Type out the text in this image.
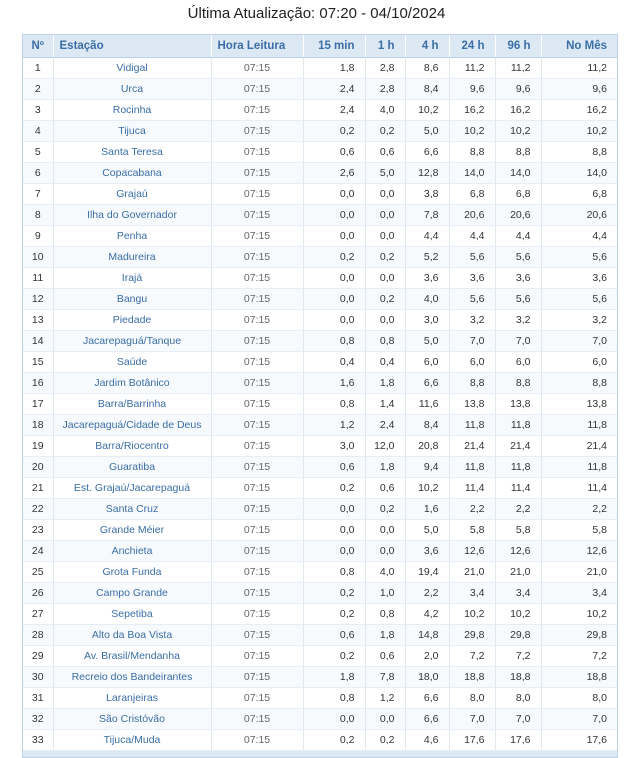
Última Atualização: 07:20 - 04/10/2024
Nº	Estação	Hora Leitura	15 min	1 h	4 h	24 h	96 h	No Mês
1	Vidigal	07:15	1,8	2,8	8,6	11,2	11,2	11,2
2	Urca	07:15	2,4	2,8	8,4	9,6	9,6	9,6
3	Rocinha	07:15	2,4	4,0	10,2	16,2	16,2	16,2
4	Tijuca	07:15	0,2	0,2	5,0	10,2	10,2	10,2
5	Santa Teresa	07:15	0,6	0,6	6,6	8,8	8,8	8,8
6	Copacabana	07:15	2,6	5,0	12,8	14,0	14,0	14,0
7	Grajaú	07:15	0,0	0,0	3,8	6,8	6,8	6,8
8	Ilha do Governador	07:15	0,0	0,0	7,8	20,6	20,6	20,6
9	Penha	07:15	0,0	0,0	4,4	4,4	4,4	4,4
10	Madureira	07:15	0,2	0,2	5,2	5,6	5,6	5,6
11	Irajá	07:15	0,0	0,0	3,6	3,6	3,6	3,6
12	Bangu	07:15	0,0	0,2	4,0	5,6	5,6	5,6
13	Piedade	07:15	0,0	0,0	3,0	3,2	3,2	3,2
14	Jacarepaguá/Tanque	07:15	0,8	0,8	5,0	7,0	7,0	7,0
15	Saúde	07:15	0,4	0,4	6,0	6,0	6,0	6,0
16	Jardim Botânico	07:15	1,6	1,8	6,6	8,8	8,8	8,8
17	Barra/Barrinha	07:15	0,8	1,4	11,6	13,8	13,8	13,8
18	Jacarepaguá/Cidade de Deus	07:15	1,2	2,4	8,4	11,8	11,8	11,8
19	Barra/Riocentro	07:15	3,0	12,0	20,8	21,4	21,4	21,4
20	Guaratiba	07:15	0,6	1,8	9,4	11,8	11,8	11,8
21	Est. Grajaú/Jacarepaguá	07:15	0,2	0,6	10,2	11,4	11,4	11,4
22	Santa Cruz	07:15	0,0	0,2	1,6	2,2	2,2	2,2
23	Grande Méier	07:15	0,0	0,0	5,0	5,8	5,8	5,8
24	Anchieta	07:15	0,0	0,0	3,6	12,6	12,6	12,6
25	Grota Funda	07:15	0,8	4,0	19,4	21,0	21,0	21,0
26	Campo Grande	07:15	0,2	1,0	2,2	3,4	3,4	3,4
27	Sepetiba	07:15	0,2	0,8	4,2	10,2	10,2	10,2
28	Alto da Boa Vista	07:15	0,6	1,8	14,8	29,8	29,8	29,8
29	Av. Brasil/Mendanha	07:15	0,2	0,6	2,0	7,2	7,2	7,2
30	Recreio dos Bandeirantes	07:15	1,8	7,8	18,0	18,8	18,8	18,8
31	Laranjeiras	07:15	0,8	1,2	6,6	8,0	8,0	8,0
32	São Cristóvão	07:15	0,0	0,0	6,6	7,0	7,0	7,0
33	Tijuca/Muda	07:15	0,2	0,2	4,6	17,6	17,6	17,6
